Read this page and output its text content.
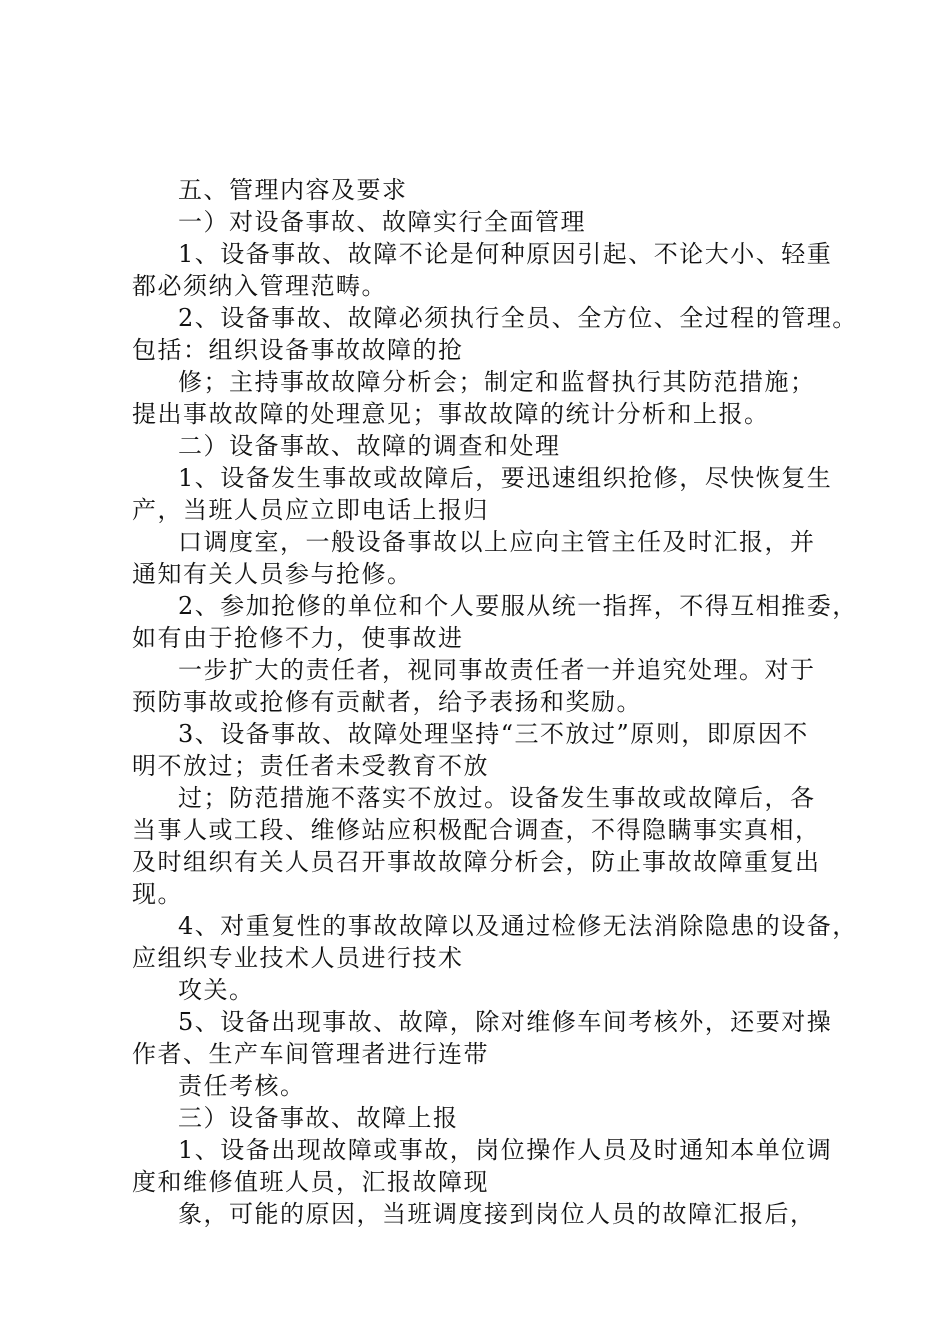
五、管理内容及要求
一）对设备事故、故障实行全面管理
1、设备事故、故障不论是何种原因引起、不论大小、轻重
都必须纳入管理范畴。
2、设备事故、故障必须执行全员、全方位、全过程的管理。
包括：组织设备事故故障的抢
修；主持事故故障分析会；制定和监督执行其防范措施；
提出事故故障的处理意见；事故故障的统计分析和上报。
二）设备事故、故障的调查和处理
1、设备发生事故或故障后，要迅速组织抢修，尽快恢复生
产，当班人员应立即电话上报归
口调度室，一般设备事故以上应向主管主任及时汇报，并
通知有关人员参与抢修。
2、参加抢修的单位和个人要服从统一指挥，不得互相推委，
如有由于抢修不力，使事故进
一步扩大的责任者，视同事故责任者一并追究处理。对于
预防事故或抢修有贡献者，给予表扬和奖励。
3、设备事故、故障处理坚持“三不放过”原则，即原因不
明不放过；责任者未受教育不放
过；防范措施不落实不放过。设备发生事故或故障后，各
当事人或工段、维修站应积极配合调查，不得隐瞒事实真相，
及时组织有关人员召开事故故障分析会，防止事故故障重复出
现。
4、对重复性的事故故障以及通过检修无法消除隐患的设备，
应组织专业技术人员进行技术
攻关。
5、设备出现事故、故障，除对维修车间考核外，还要对操
作者、生产车间管理者进行连带
责任考核。
三）设备事故、故障上报
1、设备出现故障或事故，岗位操作人员及时通知本单位调
度和维修值班人员，汇报故障现
象，可能的原因，当班调度接到岗位人员的故障汇报后，
